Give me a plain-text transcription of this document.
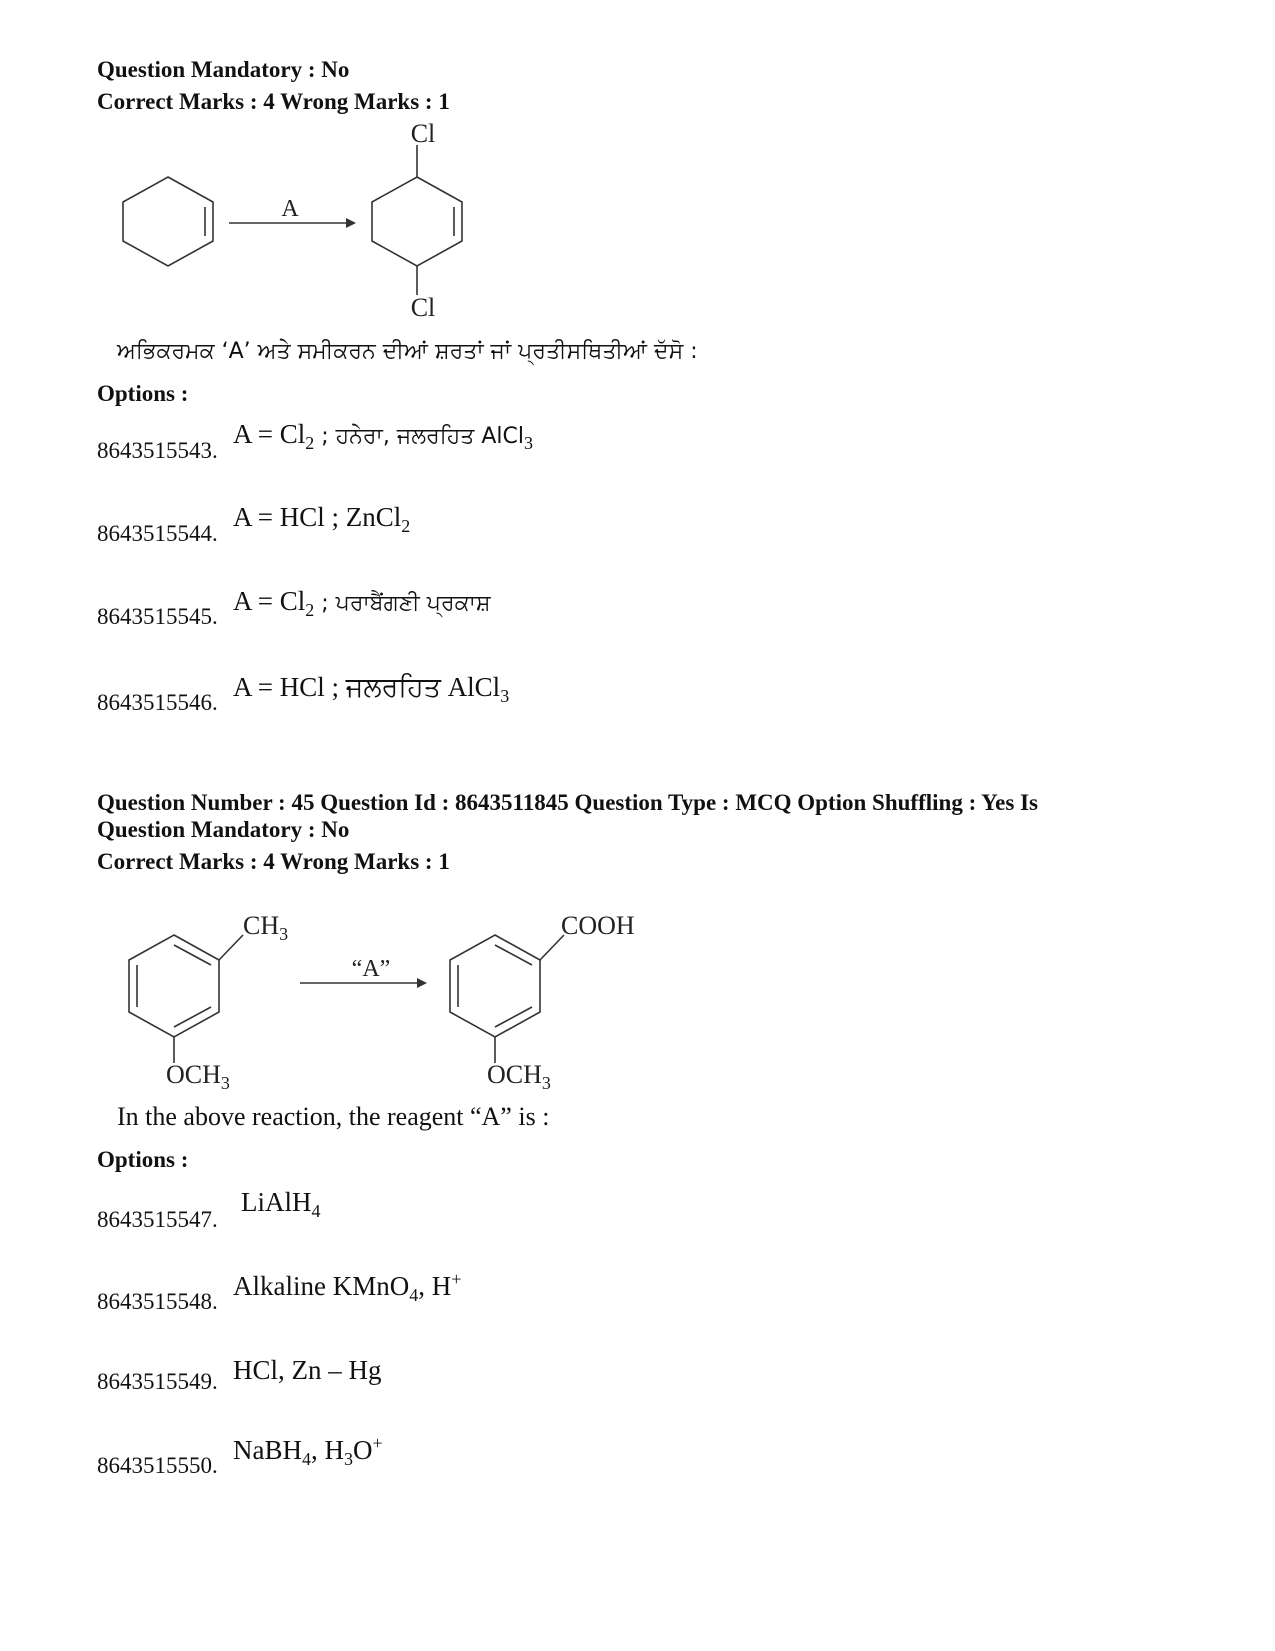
Question Mandatory : No
Correct Marks : 4 Wrong Marks : 1
A
Cl
Cl
ਅਭਿਕਰਮਕ ‘A’ ਅਤੇ ਸਮੀਕਰਨ ਦੀਆਂ ਸ਼ਰਤਾਂ ਜਾਂ ਪ੍ਰਤੀਸਥਿਤੀਆਂ ਦੱਸੋ :
Options :
8643515543.
$A = Cl_2$ ; ਹਨੇਰਾ, ਜਲਰਹਿਤ AlCl$_3$
8643515544.
A = HCl ; ZnCl$_2$
8643515545.
$A = Cl_2$ ; ਪਰਾਬੈਂਗਣੀ ਪ੍ਰਕਾਸ਼
8643515546.
A = HCl ; ਜਲਰਹਿਤ AlCl$_3$
Question Number : 45 Question Id : 8643511845 Question Type : MCQ Option Shuffling : Yes Is
Question Mandatory : No
Correct Marks : 4 Wrong Marks : 1
“A”
$CH_3$
$OCH_3$
COOH
$OCH_3$
In the above reaction, the reagent “A” is :
Options :
8643515547.
LiAlH$_4$
8643515548.
Alkaline KMnO$_4$, H+
8643515549. HCl, Zn – Hg
8643515550.
NaBH$_4$, $H_3O^+$
